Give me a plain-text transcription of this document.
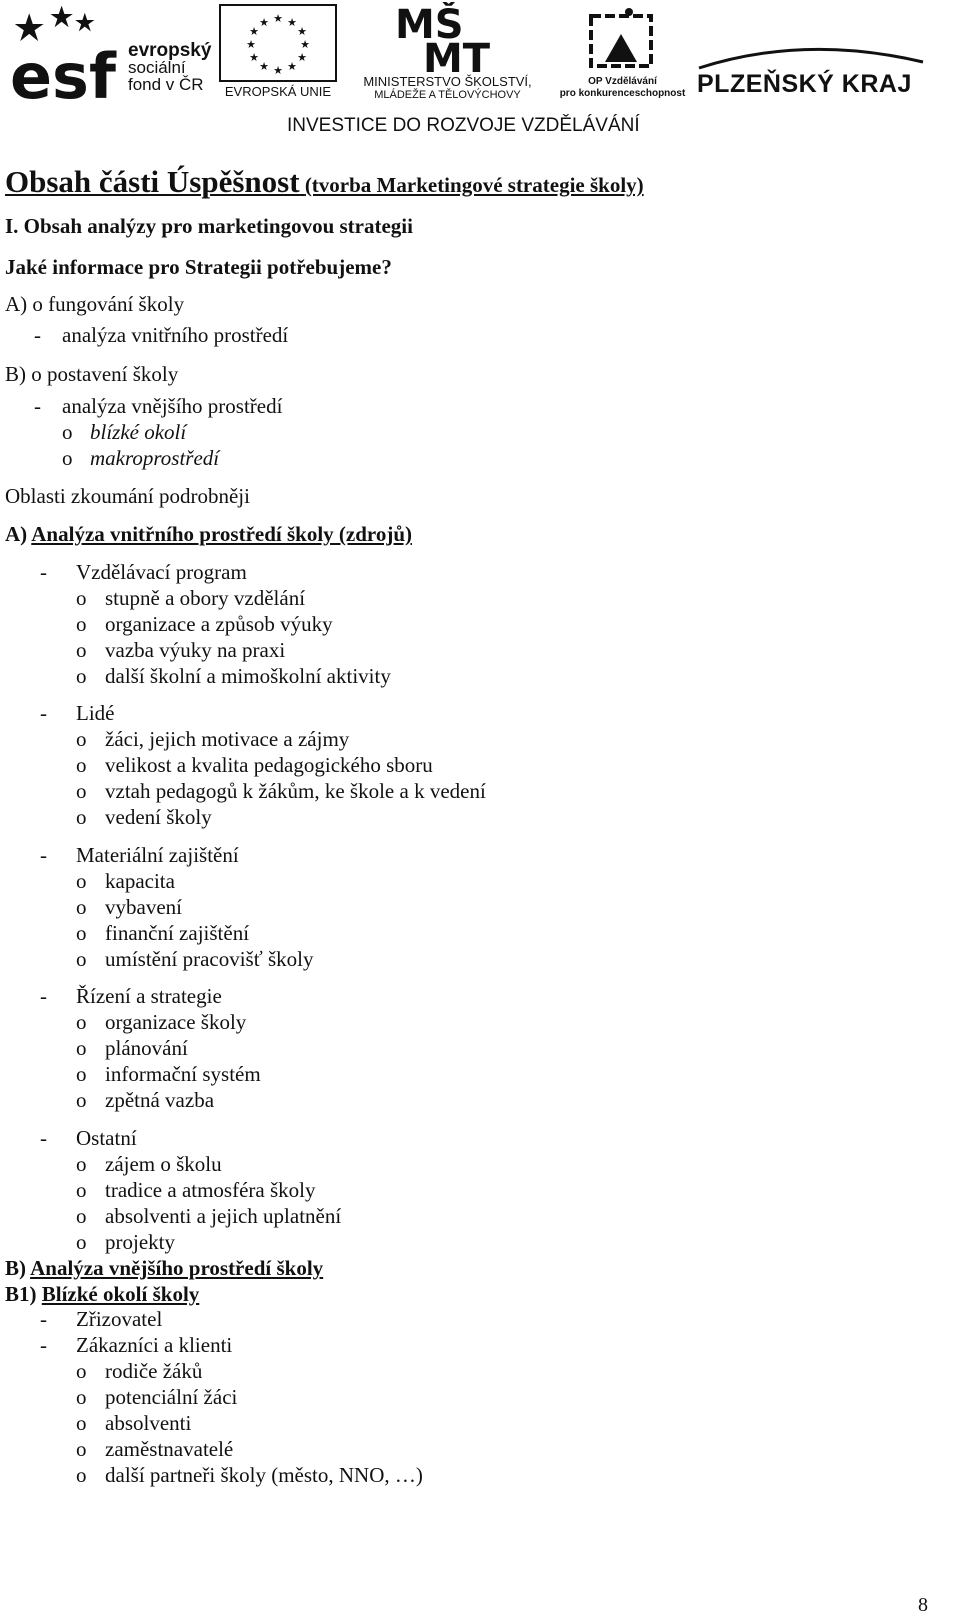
esf evropský
sociální
fond v ČR
★ ★
★
★
★
★
★
★
★
★
★
★
EVROPSKÁ UNIE
MŠ
MT
MINISTERSTVO ŠKOLSTVÍ,
MLÁDEŽE A TĚLOVÝCHOVY
OP Vzdělávání
pro konkurenceschopnost PLZEŇSKÝ KRAJ
INVESTICE DO ROZVOJE VZDĚLÁVÁNÍ
Obsah části Úspěšnost (tvorba Marketingové strategie školy)
I. Obsah analýzy pro marketingovou strategii
Jaké informace pro Strategii potřebujeme?
A) o fungování školy
- analýza vnitřního prostředí
B) o postavení školy
- analýza vnějšího prostředí
o blízké okolí
o makroprostředí
Oblasti zkoumání podrobněji
A) Analýza vnitřního prostředí školy (zdrojů)
- Vzdělávací program
o stupně a obory vzdělání
o organizace a způsob výuky
o vazba výuky na praxi
o další školní a mimoškolní aktivity
- Lidé
o žáci, jejich motivace a zájmy
o velikost a kvalita pedagogického sboru
o vztah pedagogů k žákům, ke škole a k vedení
o vedení školy
- Materiální zajištění
o kapacita
o vybavení
o finanční zajištění
o umístění pracovišť školy
- Řízení a strategie
o organizace školy
o plánování
o informační systém
o zpětná vazba
- Ostatní
o zájem o školu
o tradice a atmosféra školy
o absolventi a jejich uplatnění
o projekty
B) Analýza vnějšího prostředí školy
B1) Blízké okolí školy
- Zřizovatel
- Zákazníci a klienti
o rodiče žáků
o potenciální žáci
o absolventi
o zaměstnavatelé
o další partneři školy (město, NNO, …)
8
